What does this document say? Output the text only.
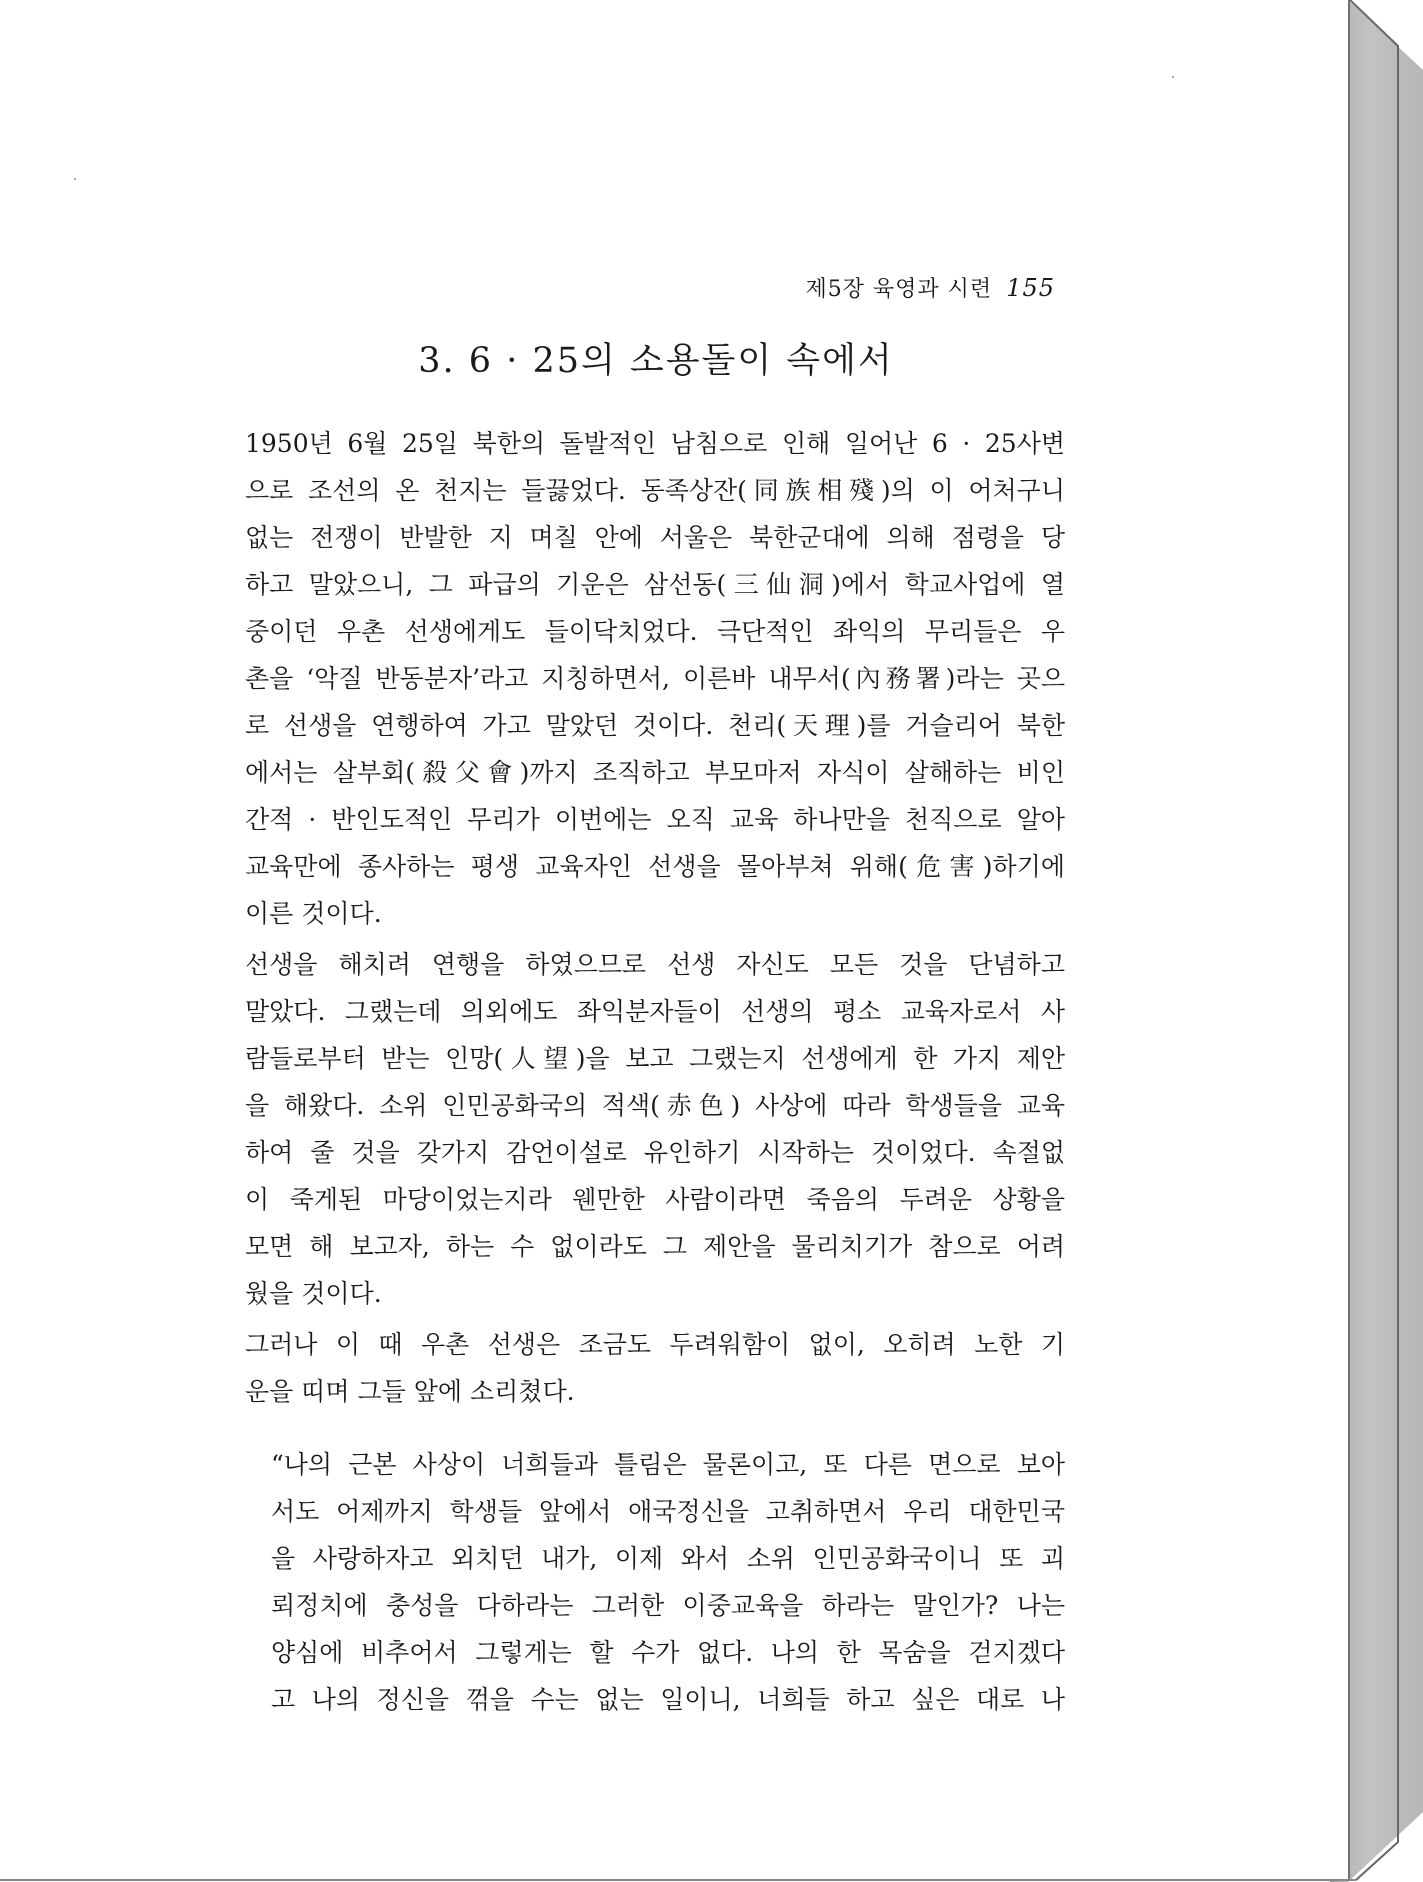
제5장 육영과 시련 155
3. 6 · 25의 소용돌이 속에서
1950년 6월 25일 북한의 돌발적인 남침으로 인해 일어난 6 · 25사변
으로 조선의 온 천지는 들끓었다. 동족상잔(同族相殘)의 이 어처구니
없는 전쟁이 반발한 지 며칠 안에 서울은 북한군대에 의해 점령을 당
하고 말았으니, 그 파급의 기운은 삼선동(三仙洞)에서 학교사업에 열
중이던 우촌 선생에게도 들이닥치었다. 극단적인 좌익의 무리들은 우
촌을 ‘악질 반동분자’라고 지칭하면서, 이른바 내무서(內務署)라는 곳으
로 선생을 연행하여 가고 말았던 것이다. 천리(天理)를 거슬리어 북한
에서는 살부회(殺父會)까지 조직하고 부모마저 자식이 살해하는 비인
간적 · 반인도적인 무리가 이번에는 오직 교육 하나만을 천직으로 알아
교육만에 종사하는 평생 교육자인 선생을 몰아부쳐 위해(危害)하기에
이른 것이다.
선생을 해치려 연행을 하였으므로 선생 자신도 모든 것을 단념하고
말았다. 그랬는데 의외에도 좌익분자들이 선생의 평소 교육자로서 사
람들로부터 받는 인망(人望)을 보고 그랬는지 선생에게 한 가지 제안
을 해왔다. 소위 인민공화국의 적색(赤色) 사상에 따라 학생들을 교육
하여 줄 것을 갖가지 감언이설로 유인하기 시작하는 것이었다. 속절없
이 죽게된 마당이었는지라 웬만한 사람이라면 죽음의 두려운 상황을
모면 해 보고자, 하는 수 없이라도 그 제안을 물리치기가 참으로 어려
웠을 것이다.
그러나 이 때 우촌 선생은 조금도 두려워함이 없이, 오히려 노한 기
운을 띠며 그들 앞에 소리쳤다.
“나의 근본 사상이 너희들과 틀림은 물론이고, 또 다른 면으로 보아
서도 어제까지 학생들 앞에서 애국정신을 고취하면서 우리 대한민국
을 사랑하자고 외치던 내가, 이제 와서 소위 인민공화국이니 또 괴
뢰정치에 충성을 다하라는 그러한 이중교육을 하라는 말인가? 나는
양심에 비추어서 그렇게는 할 수가 없다. 나의 한 목숨을 걷지겠다
고 나의 정신을 꺾을 수는 없는 일이니, 너희들 하고 싶은 대로 나
